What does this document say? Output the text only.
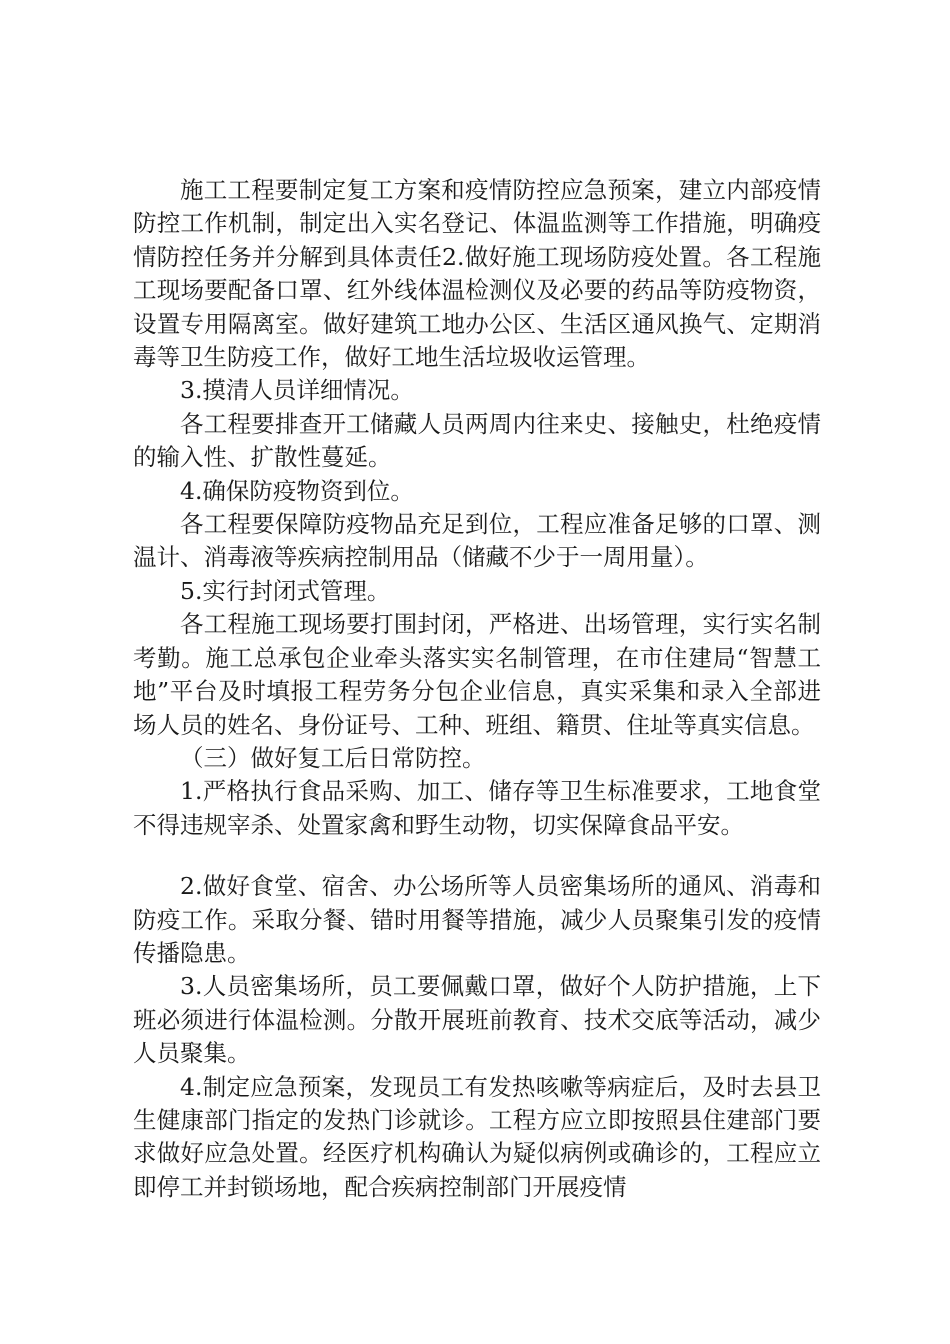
施工工程要制定复工方案和疫情防控应急预案，建立内部疫情防控工作机制，制定出入实名登记、体温监测等工作措施，明确疫情防控任务并分解到具体责任2.做好施工现场防疫处置。各工程施工现场要配备口罩、红外线体温检测仪及必要的药品等防疫物资，设置专用隔离室。做好建筑工地办公区、生活区通风换气、定期消毒等卫生防疫工作，做好工地生活垃圾收运管理。

3.摸清人员详细情况。

各工程要排查开工储藏人员两周内往来史、接触史，杜绝疫情的输入性、扩散性蔓延。

4.确保防疫物资到位。

各工程要保障防疫物品充足到位，工程应准备足够的口罩、测温计、消毒液等疾病控制用品（储藏不少于一周用量）。

5.实行封闭式管理。

各工程施工现场要打围封闭，严格进、出场管理，实行实名制考勤。施工总承包企业牵头落实实名制管理，在市住建局“智慧工地”平台及时填报工程劳务分包企业信息，真实采集和录入全部进场人员的姓名、身份证号、工种、班组、籍贯、住址等真实信息。

（三）做好复工后日常防控。

1.严格执行食品采购、加工、储存等卫生标准要求，工地食堂不得违规宰杀、处置家禽和野生动物，切实保障食品平安。

2.做好食堂、宿舍、办公场所等人员密集场所的通风、消毒和防疫工作。采取分餐、错时用餐等措施，减少人员聚集引发的疫情传播隐患。

3.人员密集场所，员工要佩戴口罩，做好个人防护措施，上下班必须进行体温检测。分散开展班前教育、技术交底等活动，减少人员聚集。

4.制定应急预案，发现员工有发热咳嗽等病症后，及时去县卫生健康部门指定的发热门诊就诊。工程方应立即按照县住建部门要求做好应急处置。经医疗机构确认为疑似病例或确诊的，工程应立即停工并封锁场地，配合疾病控制部门开展疫情
